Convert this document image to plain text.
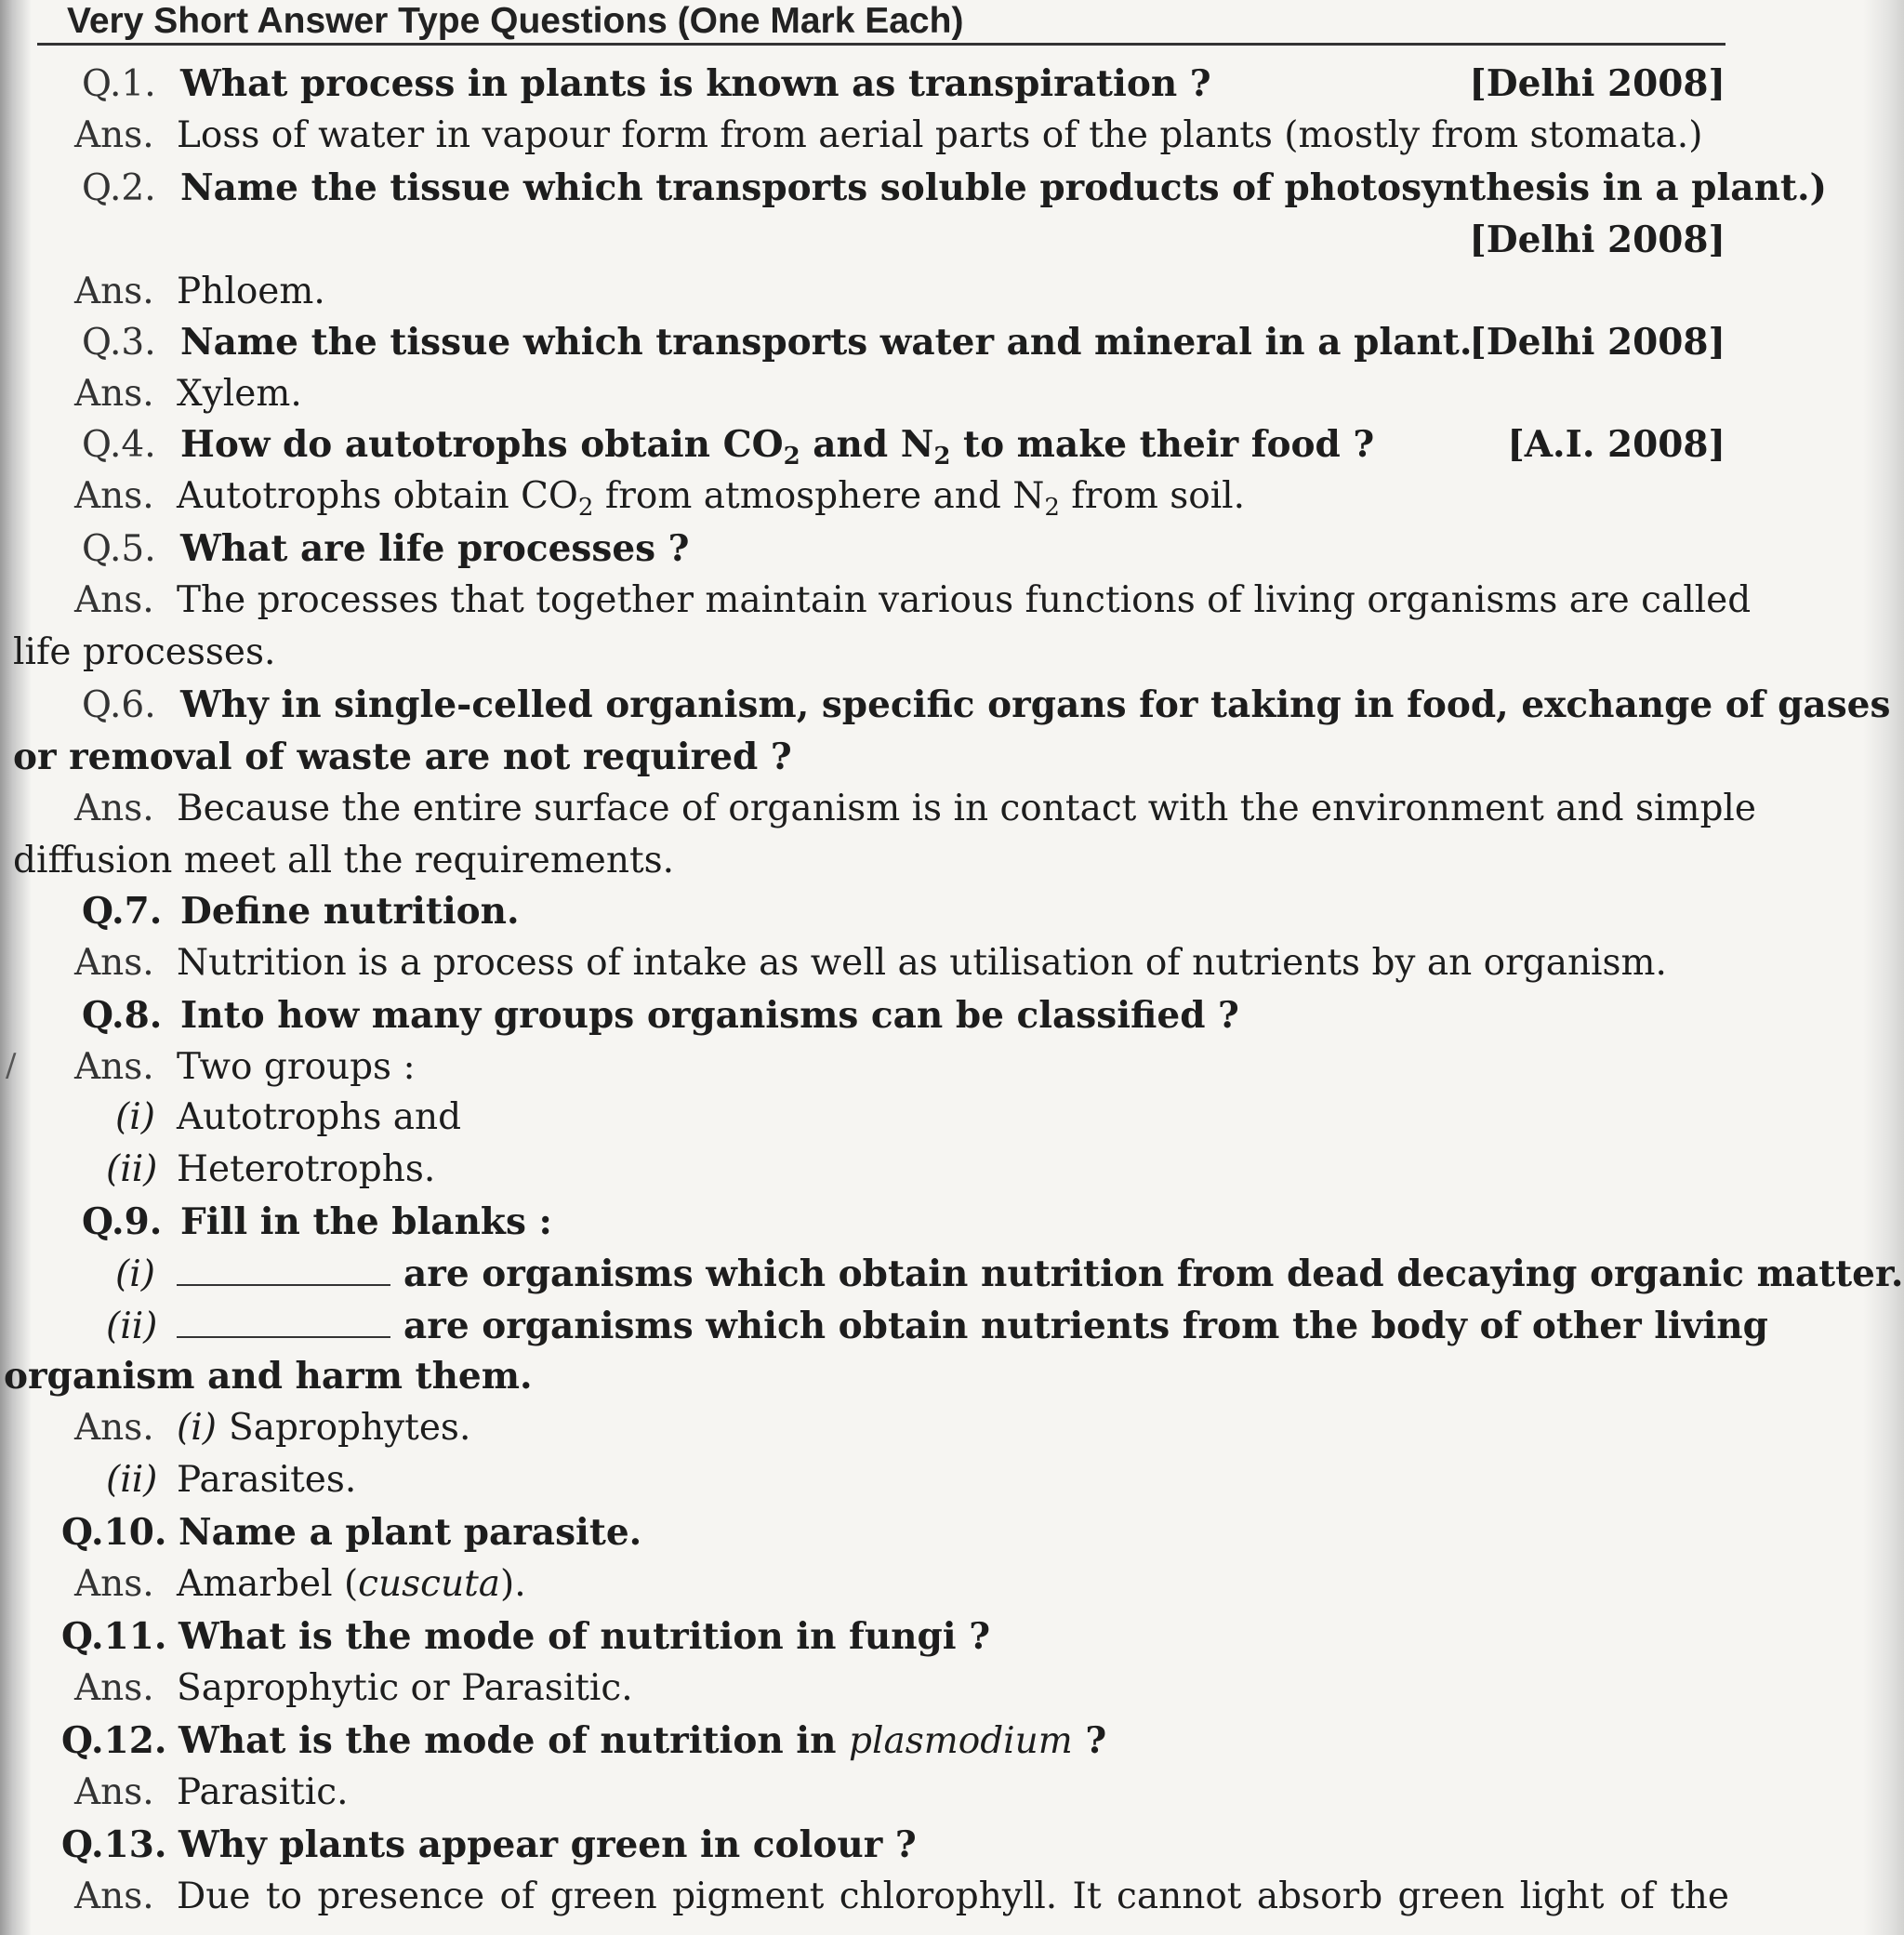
Very Short Answer Type Questions (One Mark Each)
Q.1. What process in plants is known as transpiration ?	[Delhi 2008]
Ans. Loss of water in vapour form from aerial parts of the plants (mostly from stomata.)
Q.2. Name the tissue which transports soluble products of photosynthesis in a plant.)
[Delhi 2008]
Ans. Phloem.
Q.3. Name the tissue which transports water and mineral in a plant.
[Delhi 2008]
Ans. Xylem.
Q.4. How do autotrophs obtain $CO_2$ and $N_2$ to make their food ?	[A.I. 2008]
Ans. Autotrophs obtain $CO_2$ from atmosphere and $N_2$ from soil.
Q.5. What are life processes ?
Ans. The processes that together maintain various functions of living organisms are called
life processes.
Q.6. Why in single-celled organism, specific organs for taking in food, exchange of gases
or removal of waste are not required ?
Ans. Because the entire surface of organism is in contact with the environment and simple
diffusion meet all the requirements.
Q.7. Define nutrition.
Ans. Nutrition is a process of intake as well as utilisation of nutrients by an organism.
Q.8. Into how many groups organisms can be classified ?
/ Ans. Two groups :
(i) Autotrophs and
(ii) Heterotrophs.
Q.9. Fill in the blanks :
(i)	are organisms which obtain nutrition from dead decaying organic matter.
(ii)	are organisms which obtain nutrients from the body of other living
organism and harm them.
Ans. (i) Saprophytes.
(ii) Parasites.
Q.10. Name a plant parasite.
Ans. Amarbel (cuscuta).
Q.11. What is the mode of nutrition in fungi ?
Ans. Saprophytic or Parasitic.
Q.12. What is the mode of nutrition in plasmodium ?
Ans. Parasitic.
Q.13. Why plants appear green in colour ?
Ans. Due to presence of green pigment chlorophyll. It cannot absorb green light of the
